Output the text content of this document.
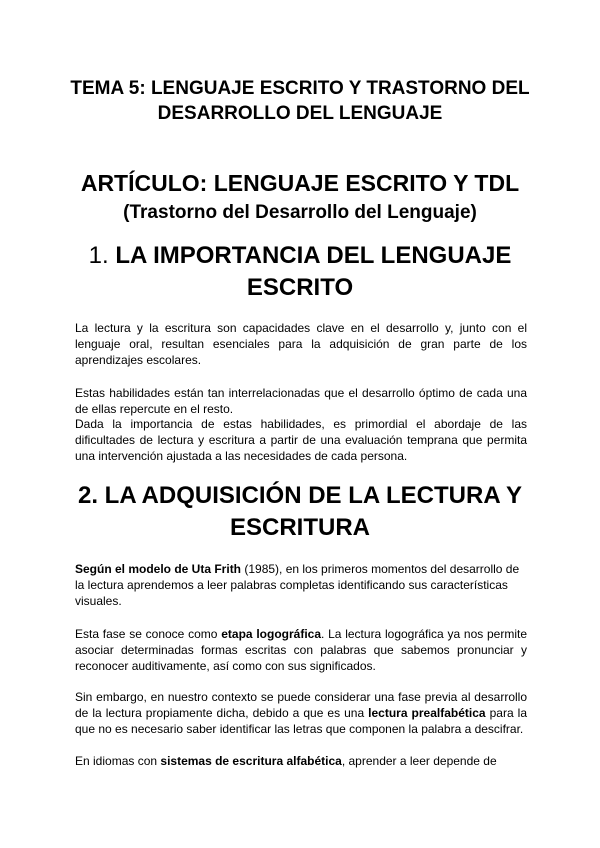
TEMA 5: LENGUAJE ESCRITO Y TRASTORNO DEL DESARROLLO DEL LENGUAJE
ARTÍCULO: LENGUAJE ESCRITO Y TDL
(Trastorno del Desarrollo del Lenguaje)
1. LA IMPORTANCIA DEL LENGUAJE ESCRITO

La lectura y la escritura son capacidades clave en el desarrollo y, junto con el lenguaje oral, resultan esenciales para la adquisición de gran parte de los aprendizajes escolares.

Estas habilidades están tan interrelacionadas que el desarrollo óptimo de cada una de ellas repercute en el resto.

Dada la importancia de estas habilidades, es primordial el abordaje de las dificultades de lectura y escritura a partir de una evaluación temprana que permita una intervención ajustada a las necesidades de cada persona.

2. LA ADQUISICIÓN DE LA LECTURA Y ESCRITURA

Según el modelo de Uta Frith (1985), en los primeros momentos del desarrollo de la lectura aprendemos a leer palabras completas identificando sus características visuales.

Esta fase se conoce como etapa logográfica. La lectura logográfica ya nos permite asociar determinadas formas escritas con palabras que sabemos pronunciar y reconocer auditivamente, así como con sus significados.

Sin embargo, en nuestro contexto se puede considerar una fase previa al desarrollo de la lectura propiamente dicha, debido a que es una lectura prealfabética para la que no es necesario saber identificar las letras que componen la palabra a descifrar.

En idiomas con sistemas de escritura alfabética, aprender a leer depende de
